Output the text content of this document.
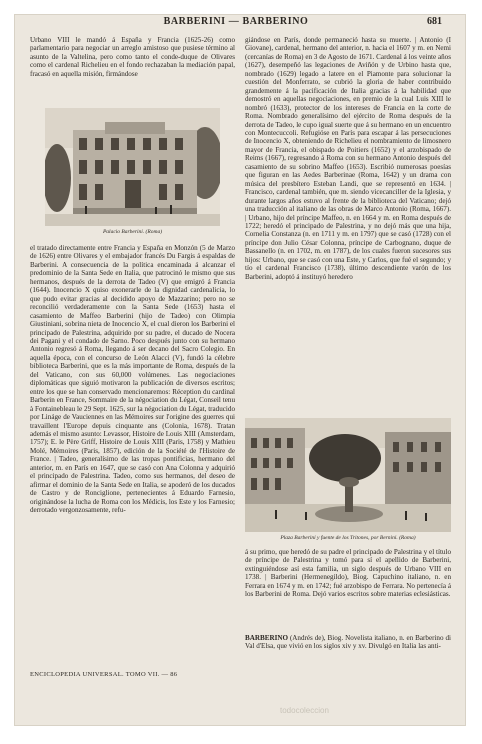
BARBERINI — BARBERINO	681
Urbano VIII le mandó á España y Francia (1625-26) como parlamentario para negociar un arreglo amistoso que pusiese término al asunto de la Valtelina, pero como tanto el conde-duque de Olivares como el cardenal Richelieu en el fondo rechazaban la mediación papal, fracasó en aquella misión, firmándose
Palacio Barberini. (Roma)
el tratado directamente entre Francia y España en Monzón (5 de Marzo de 1626) entre Olivares y el embajador francés Du Fargis á espaldas de Barberini. A consecuencia de la política encaminada á alcanzar el predominio de la Santa Sede en Italia, que patrocinó le mismo que sus hermanos, después de la derrota de Tadeo (V) que emigró á Francia (1644). Inocencio X quiso exonerarle de la dignidad cardenalicia, lo que pudo evitar gracias al decidido apoyo de Mazzarino; pero no se reconcilió verdaderamente con la Santa Sede (1653) hasta el casamiento de Maffeo Barberini (hijo de Tadeo) con Olimpia Giustiniani, sobrina nieta de Inocencio X, el cual dieron los Barberini el principado de Palestrina, adquirido por su padre, el ducado de Nocera dei Pagani y el condado de Sarno. Poco después junto con su hermano Antonio regresó á Roma, llegando á ser decano del Sacro Colegio. En aquella época, con el concurso de León Alacci (V), fundó la célebre biblioteca Barberini, que es la más importante de Roma, después de la del Vaticano, con sus 60,000 volúmenes. Las negociaciones diplomáticas que siguió motivaron la publicación de diversos escritos; entre los que se han conservado mencionaremos: Réception du cardinal Barberin en France, Sommaire de la négociation du Légat, Conseil tenu à Fontainebleau le 29 Sept. 1625, sur la négociation du Légat, traducido por Lináge de Vauciennes en las Mémoires sur l'origine des guerres qui travaillent l'Europe depuis cinquante ans (Colonia, 1678). Tratan además el mismo asunto: Levassor, Histoire de Louis XIII (Amsterdam, 1757); E. le Père Griff, Histoire de Louis XIII (Paris, 1758) y Mathieu Molé, Mémoires (Paris, 1857), edición de la Société de l'Histoire de France. | Tadeo, generalísimo de las tropas pontificias, hermano del anterior, m. en París en 1647, que se casó con Ana Colonna y adquirió el principado de Palestrina. Tadeo, como sus hermanos, del deseo de afirmar el dominio de la Santa Sede en Italia, se apoderó de los ducados de Castro y de Ronciglione, pertenecientes á Eduardo Farnesio, originándose la lucha de Roma con los Médicis, los Este y los Farnesio; derrotado vergonzosamente, refu-
giándose en París, donde permaneció hasta su muerte. | Antonio (I Giovane), cardenal, hermano del anterior, n. hacia el 1607 y m. en Nemi (cercanías de Roma) en 3 de Agosto de 1671. Cardenal á los veinte años (1627), desempeñó las legaciones de Aviñón y de Urbino hasta que, nombrado (1629) legado a latere en el Piamonte para solucionar la cuestión del Monferrato, se cubrió la gloria de haber contribuido grandemente á la pacificación de Italia gracias á la habilidad que demostró en aquellas negociaciones, en premio de la cual Luis XIII le nombró (1633), protector de los intereses de Francia en la corte de Roma. Nombrado generalísimo del ejército de Roma después de la derrota de Tadeo, le cupo igual suerte que á su hermano en un encuentro con Montecuccoli. Refugióse en París para escapar á las persecuciones de Inocencio X, obteniendo de Richelieu el nombramiento de limosnero mayor de Francia, el obispado de Poitiers (1652) y el arzobispado de Reims (1667), regresando á Roma con su hermano Antonio después del casamiento de su sobrino Maffeo (1653). Escribió numerosas poesías que figuran en las Aedes Barberinae (Roma, 1642) y un drama con música del presbítero Esteban Landi, que se representó en 1634. | Francisco, cardenal también, que m. siendo vicecanciller de la Iglesia, y durante largos años estuvo al frente de la biblioteca del Vaticano; dejó una traducción al italiano de las obras de Marco Antonio (Roma, 1667). | Urbano, hijo del príncipe Maffeo, n. en 1664 y m. en Roma después de 1722; heredó el principado de Palestrina, y no dejó más que una hija, Cornelia Constanza (n. en 1711 y m. en 1797) que se casó (1728) con el príncipe don Julio César Colonna, príncipe de Carbognano, duque de Bassanello (n. en 1702, m. en 1787), de los cuales fueron sucesores sus hijos: Urbano, que se casó con una Este, y Carlos, que fué el segundo; y tío el cardenal Francisco (1738), último descendiente varón de los Barberini, adoptó á instituyó heredero
Plaza Barberini y fuente de los Tritones, por Bernini. (Roma)
á su primo, que heredó de su padre el principado de Palestrina y el título de príncipe de Palestrina y tomó para sí el apellido de Barberini, extinguiéndose así esta familia, un siglo después de Urbano VIII en 1738. | Barberini (Hermenegildo), Biog. Capuchino italiano, n. en Ferrara en 1674 y m. en 1742; fué arzobispo de Ferrara. No pertenecía á los Barberini de Roma. Dejó varios escritos sobre materias eclesiásticas.
BARBERINO (Andrés de), Biog. Novelista italiano, n. en Barberino di Val d'Elsa, que vivió en los siglos xiv y xv. Divulgó en Italia las anti-
ENCICLOPEDIA UNIVERSAL. TOMO VII. — 86
todocoleccion
